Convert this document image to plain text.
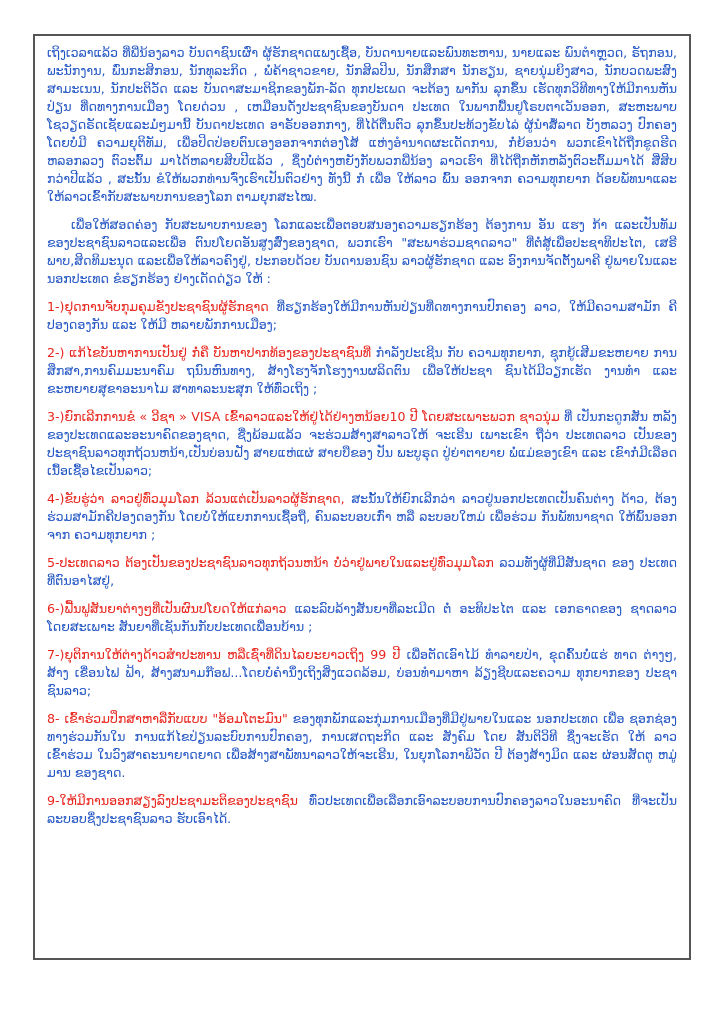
ເຖິງເວລາແລ້ວ ທີ່ພີ່ນ້ອງລາວ ບັນດາຊົນເຜົ່າ ຜູ້ຮັກຊາດແພງເຊື້ອ, ບັນດານາຍແລະພົນທະຫານ, ນາຍແລະ ພົນຕຳຫຼວດ, ຣັຖກອນ, ພະນັກງານ, ພົ່ນກະສິກອນ, ນັກທຸລະກິດ , ພໍ່ຄ້າຊາວຂາຍ, ນັກສິລປິນ, ນັກສຶກສາ ນັກຮຽນ, ຊາຍນຸ່ມຍິງສາວ, ນັກບວດພະສົງສາມະເນນ, ນັກປະຕິວັດ ແລະ ບັນດາສະມາຊິກຂອງພັກ-ລັດ ທຸກປະເພດ ຈະຕ້ອງ ພາກັນ ລຸກຂຶ້ນ ເຮັດທຸກວິທີທາງໃຫ້ມີການຫັນປ່ຽນ ທີ່ດທາງການເມືອງ ໂດຍດ່ວນ , ເຫມືອນດັ່ງປະຊາຊົນຂອງບັນດາ ປະເທດ ໃນພາກພື້ນຢູໂຣບຕາເວັນອອກ, ສະຫະພາບໂຊວຽດຣັດເຊັຍແລະມໍ່ໆມານີ້ ບັນດາປະເທດ ອາຣັບອອກກາງ, ທີ່ໄດ້ຕື່ນຕົວ ລຸກຂຶ້ນປະທ້ວງຂັບໄລ່ ຜູ້ນຳສໍ້ລາດ ບັງຫລວງ ປົກຄອງໂດຍບໍ່ມີ ຄວາມຍຸຕິທັມ, ເພື່ອປິດປ່ອຍຕົນເອງອອກຈາກຕ່ອງໂສ້ ແຫ່ງອຳນາດຜະເດັດການ, ກໍ່ຍ້ອນວ່າ ພວກເຂົາໄດ້ຖືກຂູດຮີດ ຫລອກລວງ ຕົວະຕົ້ມ ມາໄດ້ຫລາຍສິບປີແລ້ວ , ຊຶ່ງບໍ່ຕ່າງຫຍັງກັບພວກພີ່ນ້ອງ ລາວເຮົາ ທີ່ໄດ້ຖືກຫັກຫລັງຕົວະຕົ້ມມາໄດ້ ສີ່ສິບ ກວ່າປີແລ້ວ , ສະນັ້ນ ຂໍໃຫ້ພວກທ່ານຈົ່ງເຮົາເປັນຕົວຢ່າງ ທັງນີ້ ກໍ່ ເພື່ອ ໃຫ້ລາວ ພົ້ນ ອອກຈາກ ຄວາມທຸກຍາກ ດ້ອຍພັທນາແລະໃຫ້ລາວເຂົ້າກັບສະພາບການຂອງໂລກ ຕາມຍຸກສະໄໝ.

ເພື່ອໃຫ້ສອດຄ່ອງ ກັບສະພາບການຂອງ ໂລກແລະເພື່ອຕອບສນອງຄວາມຮຽກຮ້ອງ ຕ້ອງການ ອັນ ແຮງ ກ້າ ແລະເປັນທັມ ຂອງປະຊາຊົນລາວແລະເພື່ອ ຕົນປໂຍດອັນສູງສົ່ງຂອງຊາດ, ພວກເຮົາ "ສະພາຮ່ວມຊາດລາວ" ທີ່ຕໍ່ສູ້ເພື່ອປະຊາທິປະໄຕ, ເສຣີພາບ,ສິດທິມະນຸດ ແລະເພື່ອໃຫ້ລາວຄົງຢູ່, ປະກອບດ້ວຍ ບັນດານອນຊົນ ລາວຜູ້ຮັກຊາດ ແລະ ອົງການຈັດຕັ້ງພາຄີ ຢູ່ພາຍໃນແລະນອກປະເທດ ຂໍຮຽກຮ້ອງ ຢ່າງເດັດດ່ຽວ ໃຫ້ :

1-)ຢຸດການຈັບກຸມຄຸມຂັງປະຊາຊົນຜູ້ຮັກຊາດ ທີ່ຮຽກຮ້ອງໃຫ້ມີການຫັນປ່ຽນທີ່ດທາງການປົກຄອງ ລາວ, ໃຫ້ມີຄວາມສາມັກ ຄີປອງດອງກັນ ແລະ ໃຫ້ມີ ຫລາຍພັກການເມືອງ;

2-) ແກ້ໄຂບັນຫາການເປັນຢູ່ ກໍ່ຄື ບັນຫາປາກທ້ອງຂອງປະຊາຊົນທີ່ ກຳລັງປະເຊີນ ກັບ ຄວາມທຸກຍາກ, ຊຸກຍູ້ເສີມຂະຫຍາຍ ການສຶກສາ,ການຄົມມະນາຄົມ ຖນົນຫົນທາງ, ສ້າງໂຮງຈັກໂຮງງານຜລິດຕົນ ເພື່ອໃຫ້ປະຊາ ຊົນໄດ້ມີວຽກເຮັດ ງານທຳ ແລະ ຂະຫຍາຍສຸຂາອະນາໄມ ສາທາລະນະສຸກ ໃຫ້ທົ່ວເຖິງ ;

3-)ຍົກເລີກການຂໍ « ວີຊາ » VISA ເຂົ້າລາວແລະໃຫ້ຢູ່ໄດ້ຢ່າງຫນ້ອຍ10 ປີ ໂດຍສະເພາະພວກ ຊາວນຸ່ມ ທີ່ ເປັນກະດູກສັນ ຫລັງຂອງປະເທດແລະອະນາຄົດຂອງຊາດ, ຊື່ງພ້ອມແລ້ວ ຈະຮ່ວມສ້າງສາລາວໃຫ້ ຈະເຣີນ ເພາະເຂົາ ຖືວ່າ ປະເທດລາວ ເປັນຂອງປະຊາຊົນລາວທຸກຖ້ວນຫນ້າ,ເປັນບ່ອນຝັງ ສາຍແຫ່ແຜ່ ສາຍບືຂອງ ປັນ ພະບູຣຸດ ປູ່ຍ່າຕາຍາຍ ພໍ່ແມ່ຂອງເຂົາ ແລະ ເຂົາກໍ່ມີເລືອດເນື້ອເຊື້ອໄຂເປັນລາວ;

4-)ຂັບຮູ່ວ່າ ລາວຢູ່ທົ່ວມຸມໂລກ ລ້ວນແຕ່ເປັນລາວຜູ້ຮັກຊາດ, ສະນັ້ນໃຫ້ຍົກເລີກວ່າ ລາວຢູ່ນອກປະເທດເປັນຄົນຕ່າງ ດ້າວ, ຕ້ອງຮ່ວມສາມັກຄີປອງດອງກັນ ໂດຍບໍ່ໃຫ້ແຍກການເຊື້ອຖື, ຄົນລະບອບເກົ່າ ຫລື ລະບອບໃຫມ່ ເພື່ອຮ່ວມ ກັນພັທນາຊາດ ໃຫ້ພົ້ນອອກ ຈາກ ຄວາມທຸກຍາກ ;

5-ປະເທດລາວ ຕ້ອງເປັນຂອງປະຊາຊົນລາວທຸກຖ້ວນຫນ້າ ບໍ່ວ່າຢູ່ພາຍໃນແລະຢູ່ທົ່ວມຸມໂລກ ລວມທັງຜູ້ທີ່ມີສັນຊາດ ຂອງ ປະເທດທີ່ຕົນອາໄສຢູ່,

6-)ຟື້ນຟູສັນຍາຕ່າງໆທີ່ເປັນຜົນປໂຍດໃຫ້ແກ່ລາວ ແລະລົບລ້າງສັນຍາທີ່ລະເມີດ ຕໍ່ ອະທິປະໄຕ ແລະ ເອກຣາດຂອງ ຊາດລາວ ໂດຍສະເພາະ ສັນຍາທີ່ເຊັນກັນກັບປະເທດເພື່ອນບ້ານ ;

7-)ຍຸຕິການໃຫ້ຕ່າງດ້າວສຳປະທານ ຫລືເຊົ່າທີ່ດິນໄລຍະຍາວເຖິງ 99 ປີ ເພື່ອຕັດເອົາໄມ້ ທຳລາຍປ່າ, ຂຸດຄົ້ນບໍ່ແຮ່ ທາດ ຕ່າງໆ, ສ້າງ ເຂື່ອນໄຟ ຟ້າ, ສ້າງສນາມກ໊ອຟ...ໂດຍບໍ່ຄຳນຶ່ງເຖິງສິ່ງແວດລ້ອມ, ບ່ອນທຳມາຫາ ລ້ຽງຊີບແລະຄວາມ ທຸກຍາກຂອງ ປະຊາ ຊົນລາວ;

8- ເຂົ້າຮ່ວມປຶກສາຫາລືກັບແບບ "ອ້ອມໂຕະມົນ" ຂອງທຸກພັກແລະກຸ່ມການເມືອງທີ່ມີຢູ່ພາຍໃນແລະ ນອກປະເທດ ເພື່ອ ຊອກຊ່ອງທາງຮ່ວມກັນໃນ ການແກ້ໄຂປ່ຽນລະບົບການປົກຄອງ, ການເສດຖະກິດ ແລະ ສັງຄົມ ໂດຍ ສັນຕິວິທີ ຊຶ່ງຈະເຮັດ ໃຫ້ ລາວເຂົ້າຮ່ວມ ໃນວົງສາຄະນາຍາດຍາດ ເພື່ອສ້າງສາພັທນາລາວໃຫ້ຈະເຣີນ, ໃນຍຸກໂລກາພິວັດ ປີ ຕ້ອງສ້າງມິດ ແລະ ຜ່ອນສັດຕູ ຫມູ່ມານ ຂອງຊາດ.

9-ໃຫ້ມີການອອກສຽງລົງປະຊາມະຕິຂອງປະຊາຊົນ ທົ່ວປະເທດເພື່ອເລືອກເອົາລະບອບການປົກຄອງລາວໃນອະນາຄົດ ທີ່ຈະເປັນລະບອບຊຶ່ງປະຊາຊົນລາວ ຮັບເອົາໄດ້.
